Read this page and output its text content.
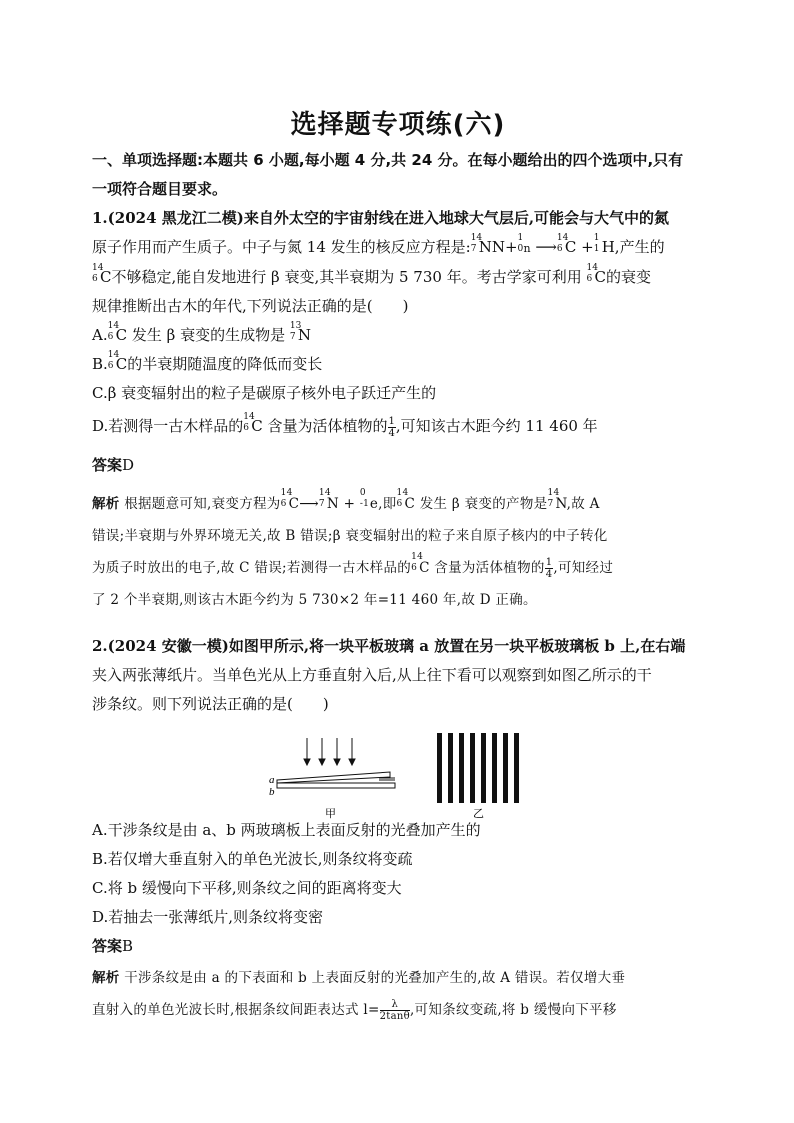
选择题专项练(六)
一、单项选择题:本题共 6 小题,每小题 4 分,共 24 分。在每小题给出的四个选项中,只有
一项符合题目要求。
1.(2024 黑龙江二模)来自外太空的宇宙射线在进入地球大气层后,可能会与大气中的氮
原子作用而产生质子。中子与氮 14 发生的核反应方程是: 14
7 NN+ 1
0 n ⟶ 14
6 C + 1
1 H,产生的
14
6 C不够稳定,能自发地进行 β 衰变,其半衰期为 5 730 年。考古学家可利用 14
6 C的衰变
规律推断出古木的年代,下列说法正确的是(　　)
A. 14
6 C 发生 β 衰变的生成物是 13
7 N
B. 14
6 C的半衰期随温度的降低而变长
C.β 衰变辐射出的粒子是碳原子核外电子跃迁产生的
D.若测得一古木样品的 14
6 C 含量为活体植物的 $\frac{1}{4}$ ,可知该古木距今约 11 460 年
答案D
解析 根据题意可知,衰变方程为
14
6 C⟶
14
7 N +
0
-1 e,即
14
6 C 发生 β 衰变的产物是
14
7 N,故 A
错误;半衰期与外界环境无关,故 B 错误;β 衰变辐射出的粒子来自原子核内的中子转化
为质子时放出的电子,故 C 错误;若测得一古木样品的
14
6 C 含量为活体植物的 $\frac{1}{4}$ ,可知经过
了 2 个半衰期,则该古木距今约为 5 730×2 年=11 460 年,故 D 正确。
2.(2024 安徽一模)如图甲所示,将一块平板玻璃 a 放置在另一块平板玻璃板 b 上,在右端
夹入两张薄纸片。当单色光从上方垂直射入后,从上往下看可以观察到如图乙所示的干
涉条纹。则下列说法正确的是(　　)
a
b
甲	乙
A.干涉条纹是由 a、b 两玻璃板上表面反射的光叠加产生的
B.若仅增大垂直射入的单色光波长,则条纹将变疏
C.将 b 缓慢向下平移,则条纹之间的距离将变大
D.若抽去一张薄纸片,则条纹将变密
答案B
解析 干涉条纹是由 a 的下表面和 b 上表面反射的光叠加产生的,故 A 错误。若仅增大垂
直射入的单色光波长时,根据条纹间距表达式 $l= \frac{\lambda}{2\tan\theta}$ ,可知条纹变疏,将 b 缓慢向下平移
